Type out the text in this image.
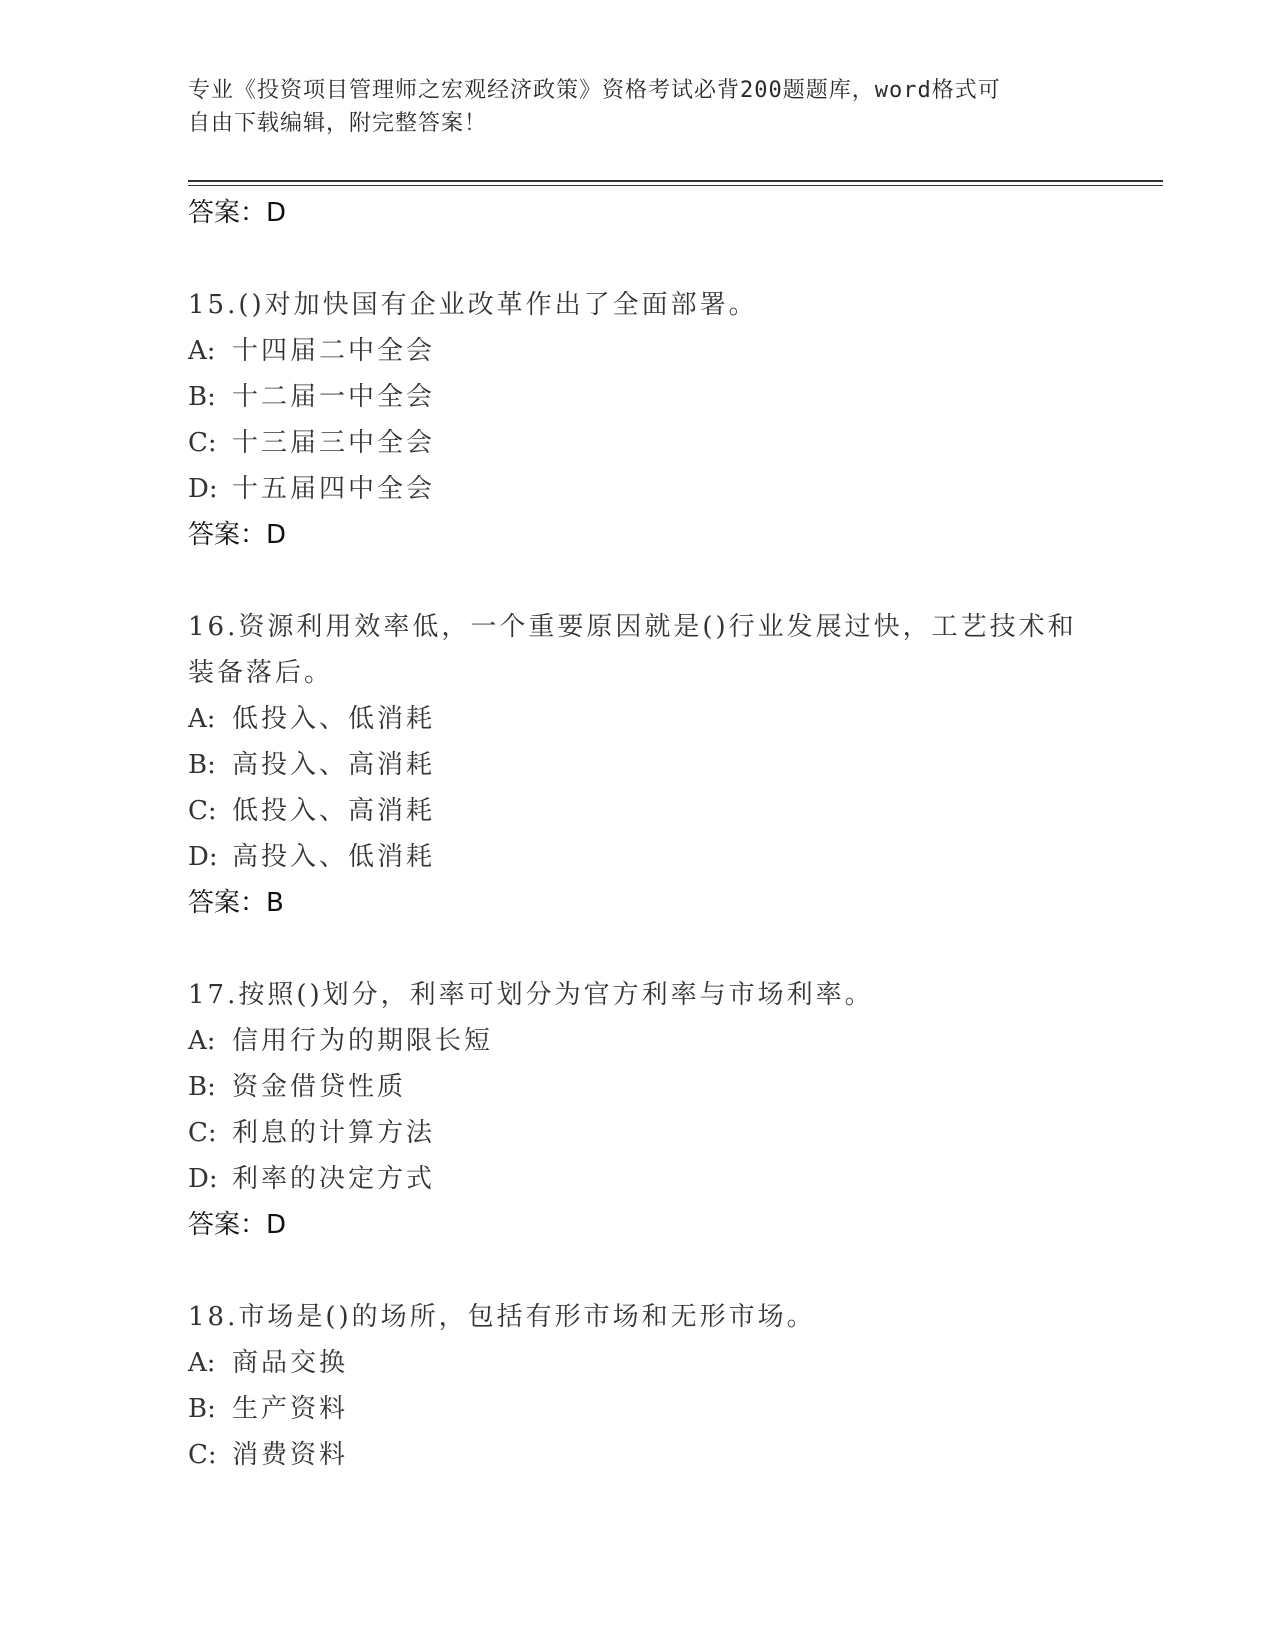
专业《投资项目管理师之宏观经济政策》资格考试必背200题题库，word格式可
自由下载编辑，附完整答案！
答案：D
15.()对加快国有企业改革作出了全面部署。
A: 十四届二中全会
B: 十二届一中全会
C: 十三届三中全会
D: 十五届四中全会
答案：D
16.资源利用效率低，一个重要原因就是()行业发展过快，工艺技术和装备落后。
A: 低投入、低消耗
B: 高投入、高消耗
C: 低投入、高消耗
D: 高投入、低消耗
答案：B
17.按照()划分，利率可划分为官方利率与市场利率。
A: 信用行为的期限长短
B: 资金借贷性质
C: 利息的计算方法
D: 利率的决定方式
答案：D
18.市场是()的场所，包括有形市场和无形市场。
A: 商品交换
B: 生产资料
C: 消费资料
